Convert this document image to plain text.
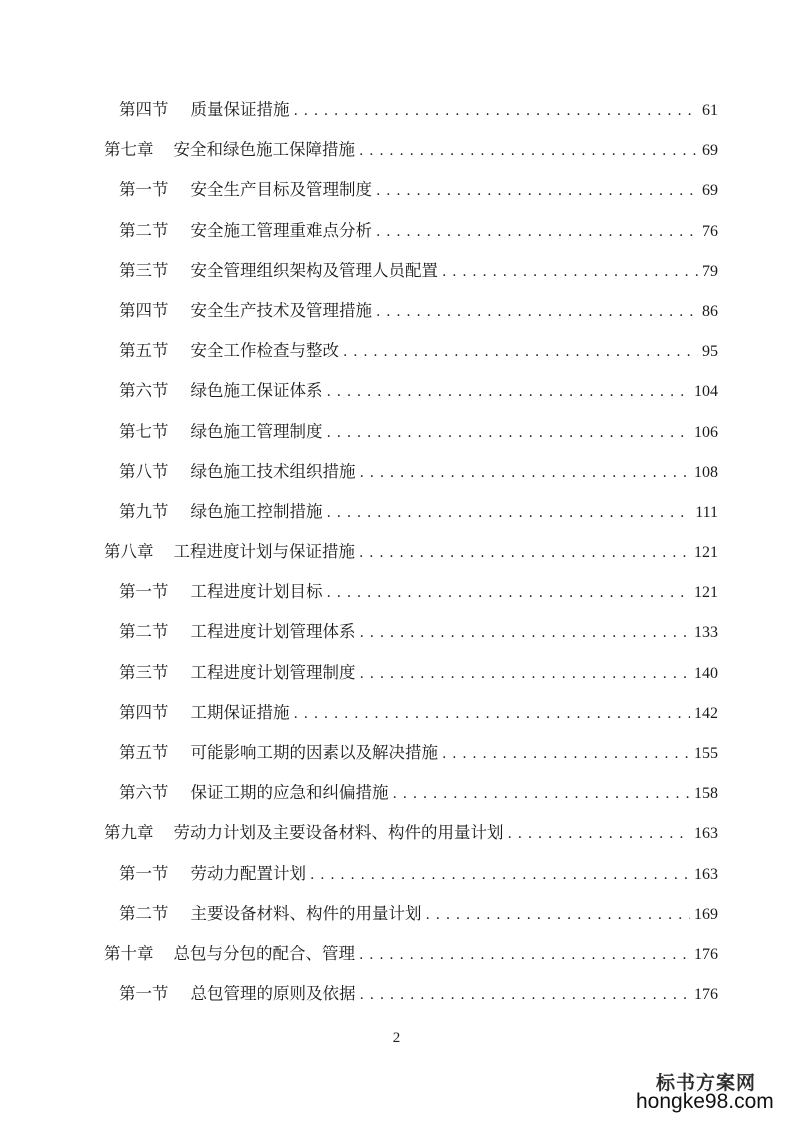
第四节 质量保证措施 . . .	61
第七章 安全和绿色施工保障措施 . . .	69
第一节 安全生产目标及管理制度 . . .	69
第二节 安全施工管理重难点分析 . . .	76
第三节 安全管理组织架构及管理人员配置 . . .	79
第四节 安全生产技术及管理措施 . . .	86
第五节 安全工作检查与整改 . . .	95
第六节 绿色施工保证体系 . . .	104
第七节 绿色施工管理制度 . . .	106
第八节 绿色施工技术组织措施 . . .	108
第九节 绿色施工控制措施 . . .	111
第八章 工程进度计划与保证措施 . . .	121
第一节 工程进度计划目标 . . .	121
第二节 工程进度计划管理体系 . . .	133
第三节 工程进度计划管理制度 . . .	140
第四节 工期保证措施 . . .	142
第五节 可能影响工期的因素以及解决措施 . . .	155
第六节 保证工期的应急和纠偏措施 . . .	158
第九章 劳动力计划及主要设备材料、构件的用量计划 . . .	163
第一节 劳动力配置计划 . . .	163
第二节 主要设备材料、构件的用量计划 . . .	169
第十章 总包与分包的配合、管理 . . .	176
第一节 总包管理的原则及依据 . . .	176
2
标书方案网
hongke98.com
